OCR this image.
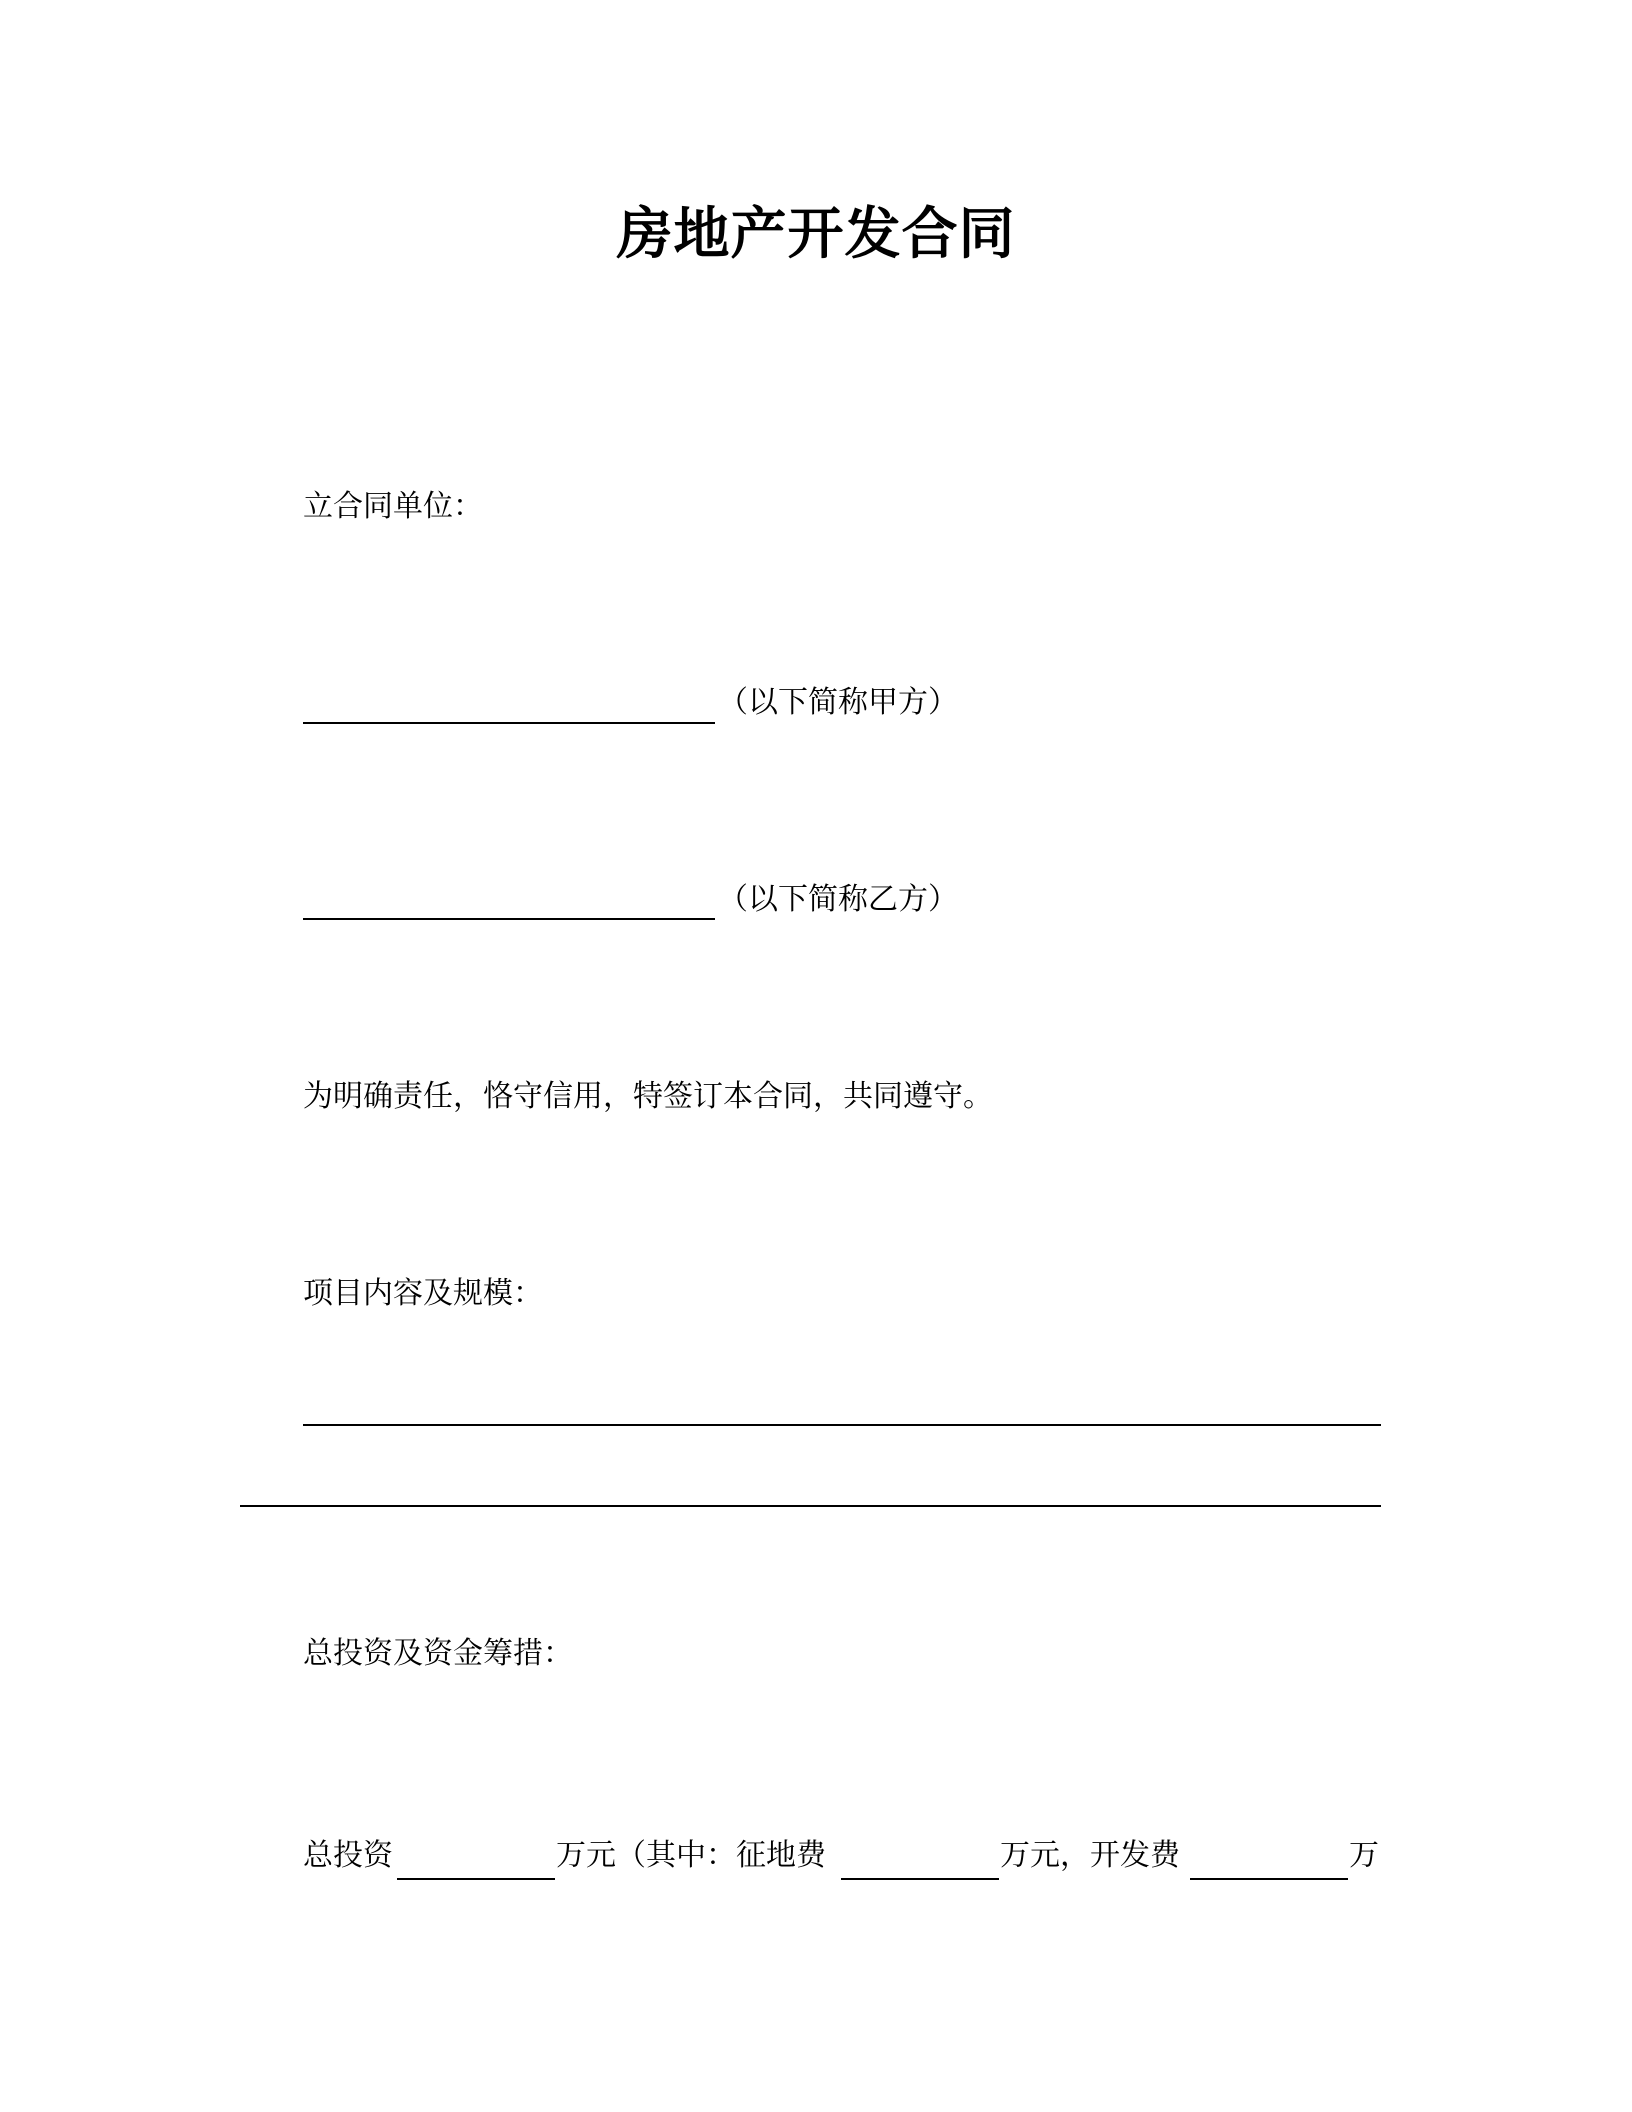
房地产开发合同
立合同单位：
（以下简称甲方）
（以下简称乙方）
为明确责任，恪守信用，特签订本合同，共同遵守。
项目内容及规模：
总投资及资金筹措：
总投资	万元（其中：征地费	万元，开发费	万
